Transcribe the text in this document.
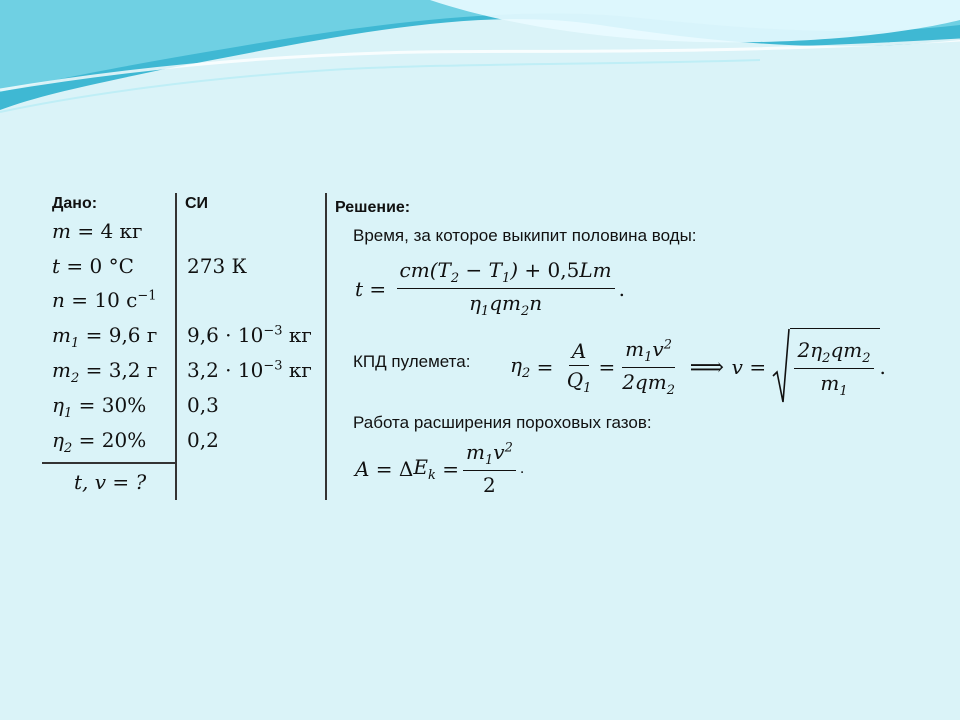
Дано:	СИ
m = 4 кг
t = 0 °C
n = 10 $с^{-1}$
$m_1 = 9,6$ г
$m_2 = 3,2$ г
$\eta_1 = 30\%$
$\eta_2 = 20\%$
t, v = ?
273 К
$9,6 \cdot 10^{-3}$ кг
$3,2 \cdot 10^{-3}$ кг
0,3
0,2
Решение:
Время, за которое выкипит половина воды:
$t = \frac{cm(T_2 - T_1) + 0,5Lm}{\eta_1qm_2n}$ .
КПД пулемета: $\eta_2 = \frac{A}{Q_1} = \frac{m_1v^2}{2qm_2}$ ⟹ $v = \frac{2\eta_2qm_2}{m_1}$ .
Работа расширения пороховых газов:
A = Δ $E_k = \frac{m_1v^2}{2}$ .
